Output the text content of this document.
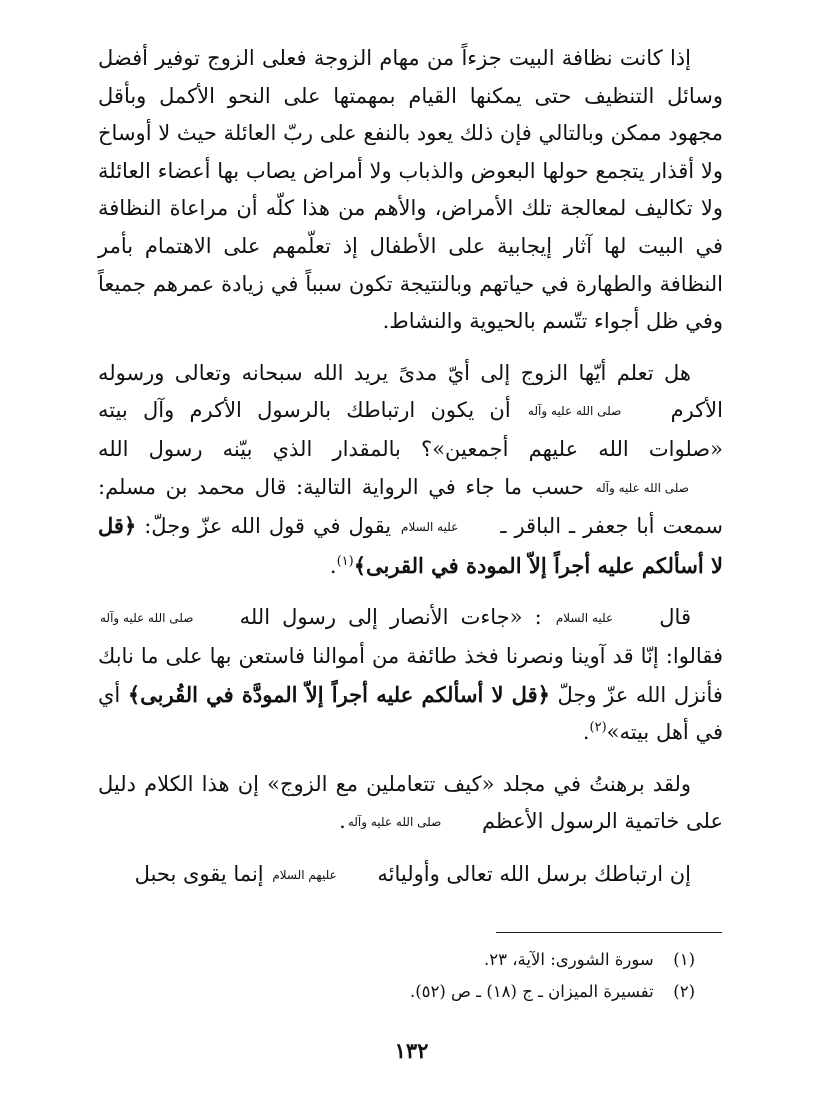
إذا كانت نظافة البيت جزءاً من مهام الزوجة فعلى الزوج توفير أفضل وسائل التنظيف حتى يمكنها القيام بمهمتها على النحو الأكمل وبأقل مجهود ممكن وبالتالي فإن ذلك يعود بالنفع على ربّ العائلة حيث لا أوساخ ولا أقذار يتجمع حولها البعوض والذباب ولا أمراض يصاب بها أعضاء العائلة ولا تكاليف لمعالجة تلك الأمراض، والأهم من هذا كلّه أن مراعاة النظافة في البيت لها آثار إيجابية على الأطفال إذ تعلّمهم على الاهتمام بأمر النظافة والطهارة في حياتهم وبالنتيجة تكون سبباً في زيادة عمرهم جميعاً وفي ظل أجواء تتّسم بالحيوية والنشاط.

هل تعلم أيّها الزوج إلى أيّ مدىً يريد الله سبحانه وتعالى ورسوله الأكرم صلى الله عليه وآله أن يكون ارتباطك بالرسول الأكرم وآل بيته «صلوات الله عليهم أجمعين»؟ بالمقدار الذي بيّنه رسول الله صلى الله عليه وآله حسب ما جاء في الرواية التالية: قال محمد بن مسلم: سمعت أبا جعفر ـ الباقر ـ عليه السلام يقول في قول الله عزّ وجلّ: ﴿قل لا أسألكم عليه أجراً إلاّ المودة في القربى﴾$^{(١)}$.

قال عليه السلام : «جاءت الأنصار إلى رسول الله صلى الله عليه وآله فقالوا: إنّا قد آوينا ونصرنا فخذ طائفة من أموالنا فاستعن بها على ما نابك فأنزل الله عزّ وجلّ ﴿قل لا أسألكم عليه أجراً إلاّ المودَّة في القُربى﴾ أي في أهل بيته»$^{(٢)}$.

ولقد برهنتُ في مجلد «كيف تتعاملين مع الزوج» إن هذا الكلام دليل على خاتمية الرسول الأعظم صلى الله عليه وآله.

إن ارتباطك برسل الله تعالى وأوليائه عليهم السلام إنما يقوى بحبل

(١) سورة الشورى: الآية، ٢٣.
(٢) تفسيرة الميزان ـ ج (١٨) ـ ص (٥٢).
١٣٢
